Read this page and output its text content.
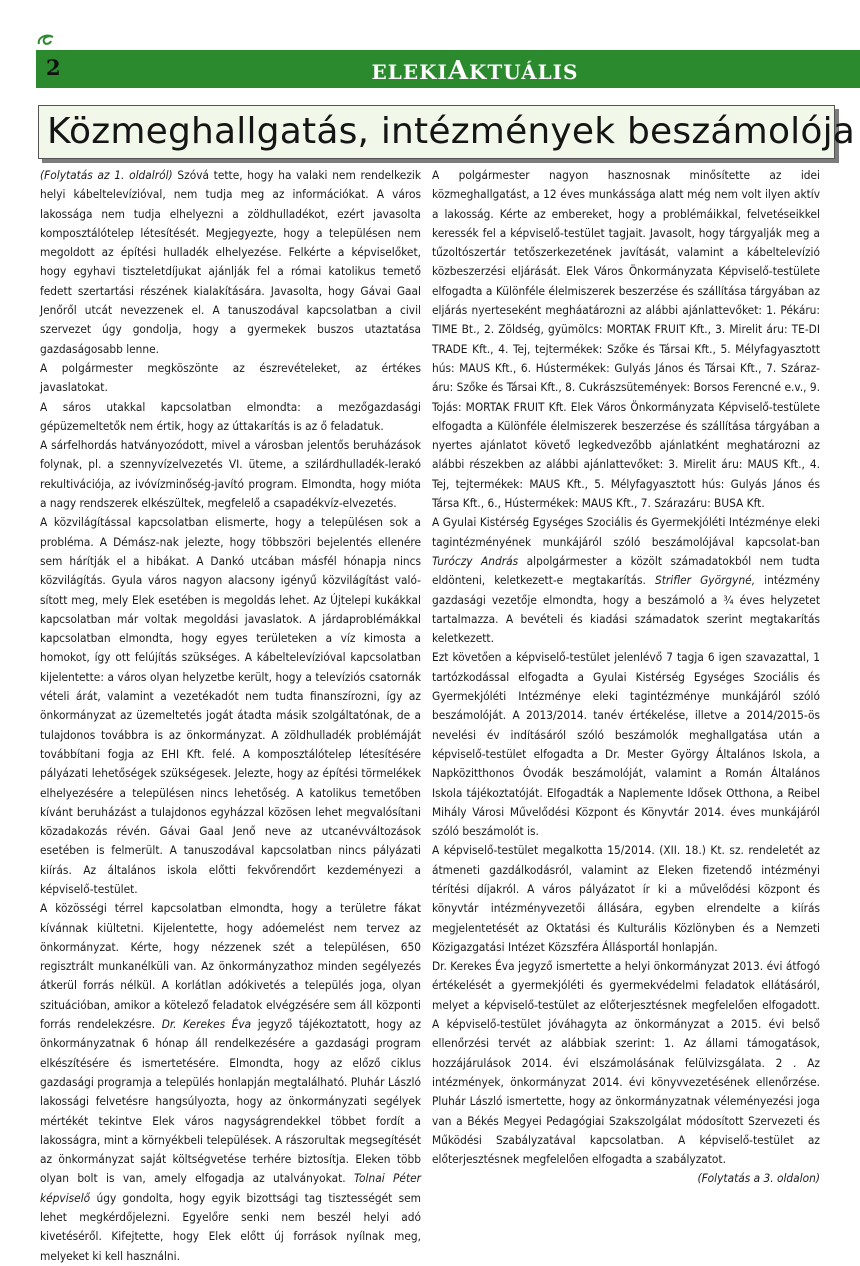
2	ELEKIAKTUÁLIS
Közmeghallgatás, intézmények beszámolója

(Folytatás az 1. oldalról) Szóvá tette, hogy ha valaki nem rendelkezik helyi kábeltelevízióval, nem tudja meg az információkat. A város lakossága nem tudja elhelyezni a zöldhulladékot, ezért javasolta komposztálótelep létesítését. Megjegyezte, hogy a településen nem megoldott az építési hulladék elhelyezése. Felkérte a képviselőket, hogy egyhavi tiszteletdíjukat ajánlják fel a római katolikus temető fedett szertartási részének kialakítására. Javasolta, hogy Gávai Gaal Jenőről utcát nevezzenek el. A tanuszodával kapcsolatban a civil szervezet úgy gondolja, hogy a gyermekek buszos utaztatása gazdaságosabb lenne.

A polgármester megköszönte az észrevételeket, az értékes javaslatokat.

A sáros utakkal kapcsolatban elmondta: a mezőgazdasági gépüzemeltetők nem értik, hogy az úttakarítás is az ő feladatuk.

A sárfelhordás hatványozódott, mivel a városban jelentős beruházások folynak, pl. a szennyvízelvezetés VI. üteme, a szilárdhulladék-lerakó rekultivációja, az ivóvízminőség-javító program. Elmondta, hogy mióta a nagy rendszerek elkészültek, megfelelő a csapadékvíz-elvezetés.

A közvilágítással kapcsolatban elismerte, hogy a településen sok a probléma. A Démász-nak jelezte, hogy többszöri bejelentés ellenére sem hárítják el a hibákat. A Dankó utcában másfél hónapja nincs közvilágítás. Gyula város nagyon alacsony igényű közvilágítást való-sított meg, mely Elek esetében is megoldás lehet. Az Újtelepi kukákkal kapcsolatban már voltak megoldási javaslatok. A járdaproblémákkal kapcsolatban elmondta, hogy egyes területeken a víz kimosta a homokot, így ott felújítás szükséges. A kábeltelevízióval kapcsolatban kijelentette: a város olyan helyzetbe került, hogy a televíziós csatornák vételi árát, valamint a vezetékadót nem tudta finanszírozni, így az önkormányzat az üzemeltetés jogát átadta másik szolgáltatónak, de a tulajdonos továbbra is az önkormányzat. A zöldhulladék problémáját továbbítani fogja az EHI Kft. felé. A komposztálótelep létesítésére pályázati lehetőségek szükségesek. Jelezte, hogy az építési törmelékek elhelyezésére a településen nincs lehetőség. A katolikus temetőben kívánt beruházást a tulajdonos egyházzal közösen lehet megvalósítani közadakozás révén. Gávai Gaal Jenő neve az utcanévváltozások esetében is felmerült. A tanuszodával kapcsolatban nincs pályázati kiírás. Az általános iskola előtti fekvőrendőrt kezdeményezi a képviselő-testület.

A közösségi térrel kapcsolatban elmondta, hogy a területre fákat kívánnak kiültetni. Kijelentette, hogy adóemelést nem tervez az önkormányzat. Kérte, hogy nézzenek szét a településen, 650 regisztrált munkanélküli van. Az önkormányzathoz minden segélyezés átkerül forrás nélkül. A korlátlan adókivetés a település joga, olyan szituációban, amikor a kötelező feladatok elvégzésére sem áll központi forrás rendelekzésre. Dr. Kerekes Éva jegyző tájékoztatott, hogy az önkormányzatnak 6 hónap áll rendelkezésére a gazdasági program elkészítésére és ismertetésére. Elmondta, hogy az előző ciklus gazdasági programja a település honlapján megtalálható. Pluhár László lakossági felvetésre hangsúlyozta, hogy az önkormányzati segélyek mértékét tekintve Elek város nagyságrendekkel többet fordít a lakosságra, mint a környékbeli települések. A rászorultak megsegítését az önkormányzat saját költségvetése terhére biztosítja. Eleken több olyan bolt is van, amely elfogadja az utalványokat. Tolnai Péter képviselő úgy gondolta, hogy egyik bizottsági tag tisztességét sem lehet megkérdőjelezni. Egyelőre senki nem beszél helyi adó kivetéséről. Kifejtette, hogy Elek előtt új források nyílnak meg, melyeket ki kell használni.

A polgármester nagyon hasznosnak minősítette az idei közmeghallgatást, a 12 éves munkássága alatt még nem volt ilyen aktív a lakosság. Kérte az embereket, hogy a problémáikkal, felvetéseikkel keressék fel a képviselő-testület tagjait. Javasolt, hogy tárgyalják meg a tűzoltószertár tetőszerkezetének javítását, valamint a kábeltelevízió közbeszerzési eljárását. Elek Város Önkormányzata Képviselő-testülete elfogadta a Különféle élelmiszerek beszerzése és szállítása tárgyában az eljárás nyerteseként megháatározni az alábbi ajánlattevőket: 1. Pékáru: TIME Bt., 2. Zöldség, gyümölcs: MORTAK FRUIT Kft., 3. Mirelit áru: TE-DI TRADE Kft., 4. Tej, tejtermékek: Szőke és Társai Kft., 5. Mélyfagyasztott hús: MAUS Kft., 6. Hústermékek: Gulyás János és Társai Kft., 7. Száraz-áru: Szőke és Társai Kft., 8. Cukrászsütemények: Borsos Ferencné e.v., 9. Tojás: MORTAK FRUIT Kft. Elek Város Önkormányzata Képviselő-testülete elfogadta a Különféle élelmiszerek beszerzése és szállítása tárgyában a nyertes ajánlatot követő legkedvezőbb ajánlatként meghatározni az alábbi részekben az alábbi ajánlattevőket: 3. Mirelit áru: MAUS Kft., 4. Tej, tejtermékek: MAUS Kft., 5. Mélyfagyasztott hús: Gulyás János és Társa Kft., 6., Hústermékek: MAUS Kft., 7. Szárazáru: BUSA Kft.

A Gyulai Kistérség Egységes Szociális és Gyermekjóléti Intézménye eleki tagintézményének munkájáról szóló beszámolójával kapcsolat-ban Turóczy András alpolgármester a közölt számadatokból nem tudta eldönteni, keletkezett-e megtakarítás. Strifler Györgyné, intézmény gazdasági vezetője elmondta, hogy a beszámoló a ¾ éves helyzetet tartalmazza. A bevételi és kiadási számadatok szerint megtakarítás keletkezett.

Ezt követően a képviselő-testület jelenlévő 7 tagja 6 igen szavazattal, 1 tartózkodással elfogadta a Gyulai Kistérség Egységes Szociális és Gyermekjóléti Intézménye eleki tagintézménye munkájáról szóló beszámolóját. A 2013/2014. tanév értékelése, illetve a 2014/2015-ös nevelési év indításáról szóló beszámolók meghallgatása után a képviselő-testület elfogadta a Dr. Mester György Általános Iskola, a Napközitthonos Óvodák beszámolóját, valamint a Román Általános Iskola tájékoztatóját. Elfogadták a Naplemente Idősek Otthona, a Reibel Mihály Városi Művelődési Központ és Könyvtár 2014. éves munkájáról szóló beszámolót is.

A képviselő-testület megalkotta 15/2014. (XII. 18.) Kt. sz. rendeletét az átmeneti gazdálkodásról, valamint az Eleken fizetendő intézményi térítési díjakról. A város pályázatot ír ki a művelődési központ és könyvtár intézményvezetői állására, egyben elrendelte a kiírás megjelentetését az Oktatási és Kulturális Közlönyben és a Nemzeti Közigazgatási Intézet Közszféra Állásportál honlapján.

Dr. Kerekes Éva jegyző ismertette a helyi önkormányzat 2013. évi átfogó értékelését a gyermekjóléti és gyermekvédelmi feladatok ellátásáról, melyet a képviselő-testület az előterjesztésnek megfelelően elfogadott. A képviselő-testület jóváhagyta az önkormányzat a 2015. évi belső ellenőrzési tervét az alábbiak szerint: 1. Az állami támogatások, hozzájárulások 2014. évi elszámolásának felülvizsgálata. 2 . Az intézmények, önkormányzat 2014. évi könyvvezetésének ellenőrzése. Pluhár László ismertette, hogy az önkormányzatnak véleményezési joga van a Békés Megyei Pedagógiai Szakszolgálat módosított Szervezeti és Működési Szabályzatával kapcsolatban. A képviselő-testület az előterjesztésnek megfelelően elfogadta a szabályzatot.

(Folytatás a 3. oldalon)
